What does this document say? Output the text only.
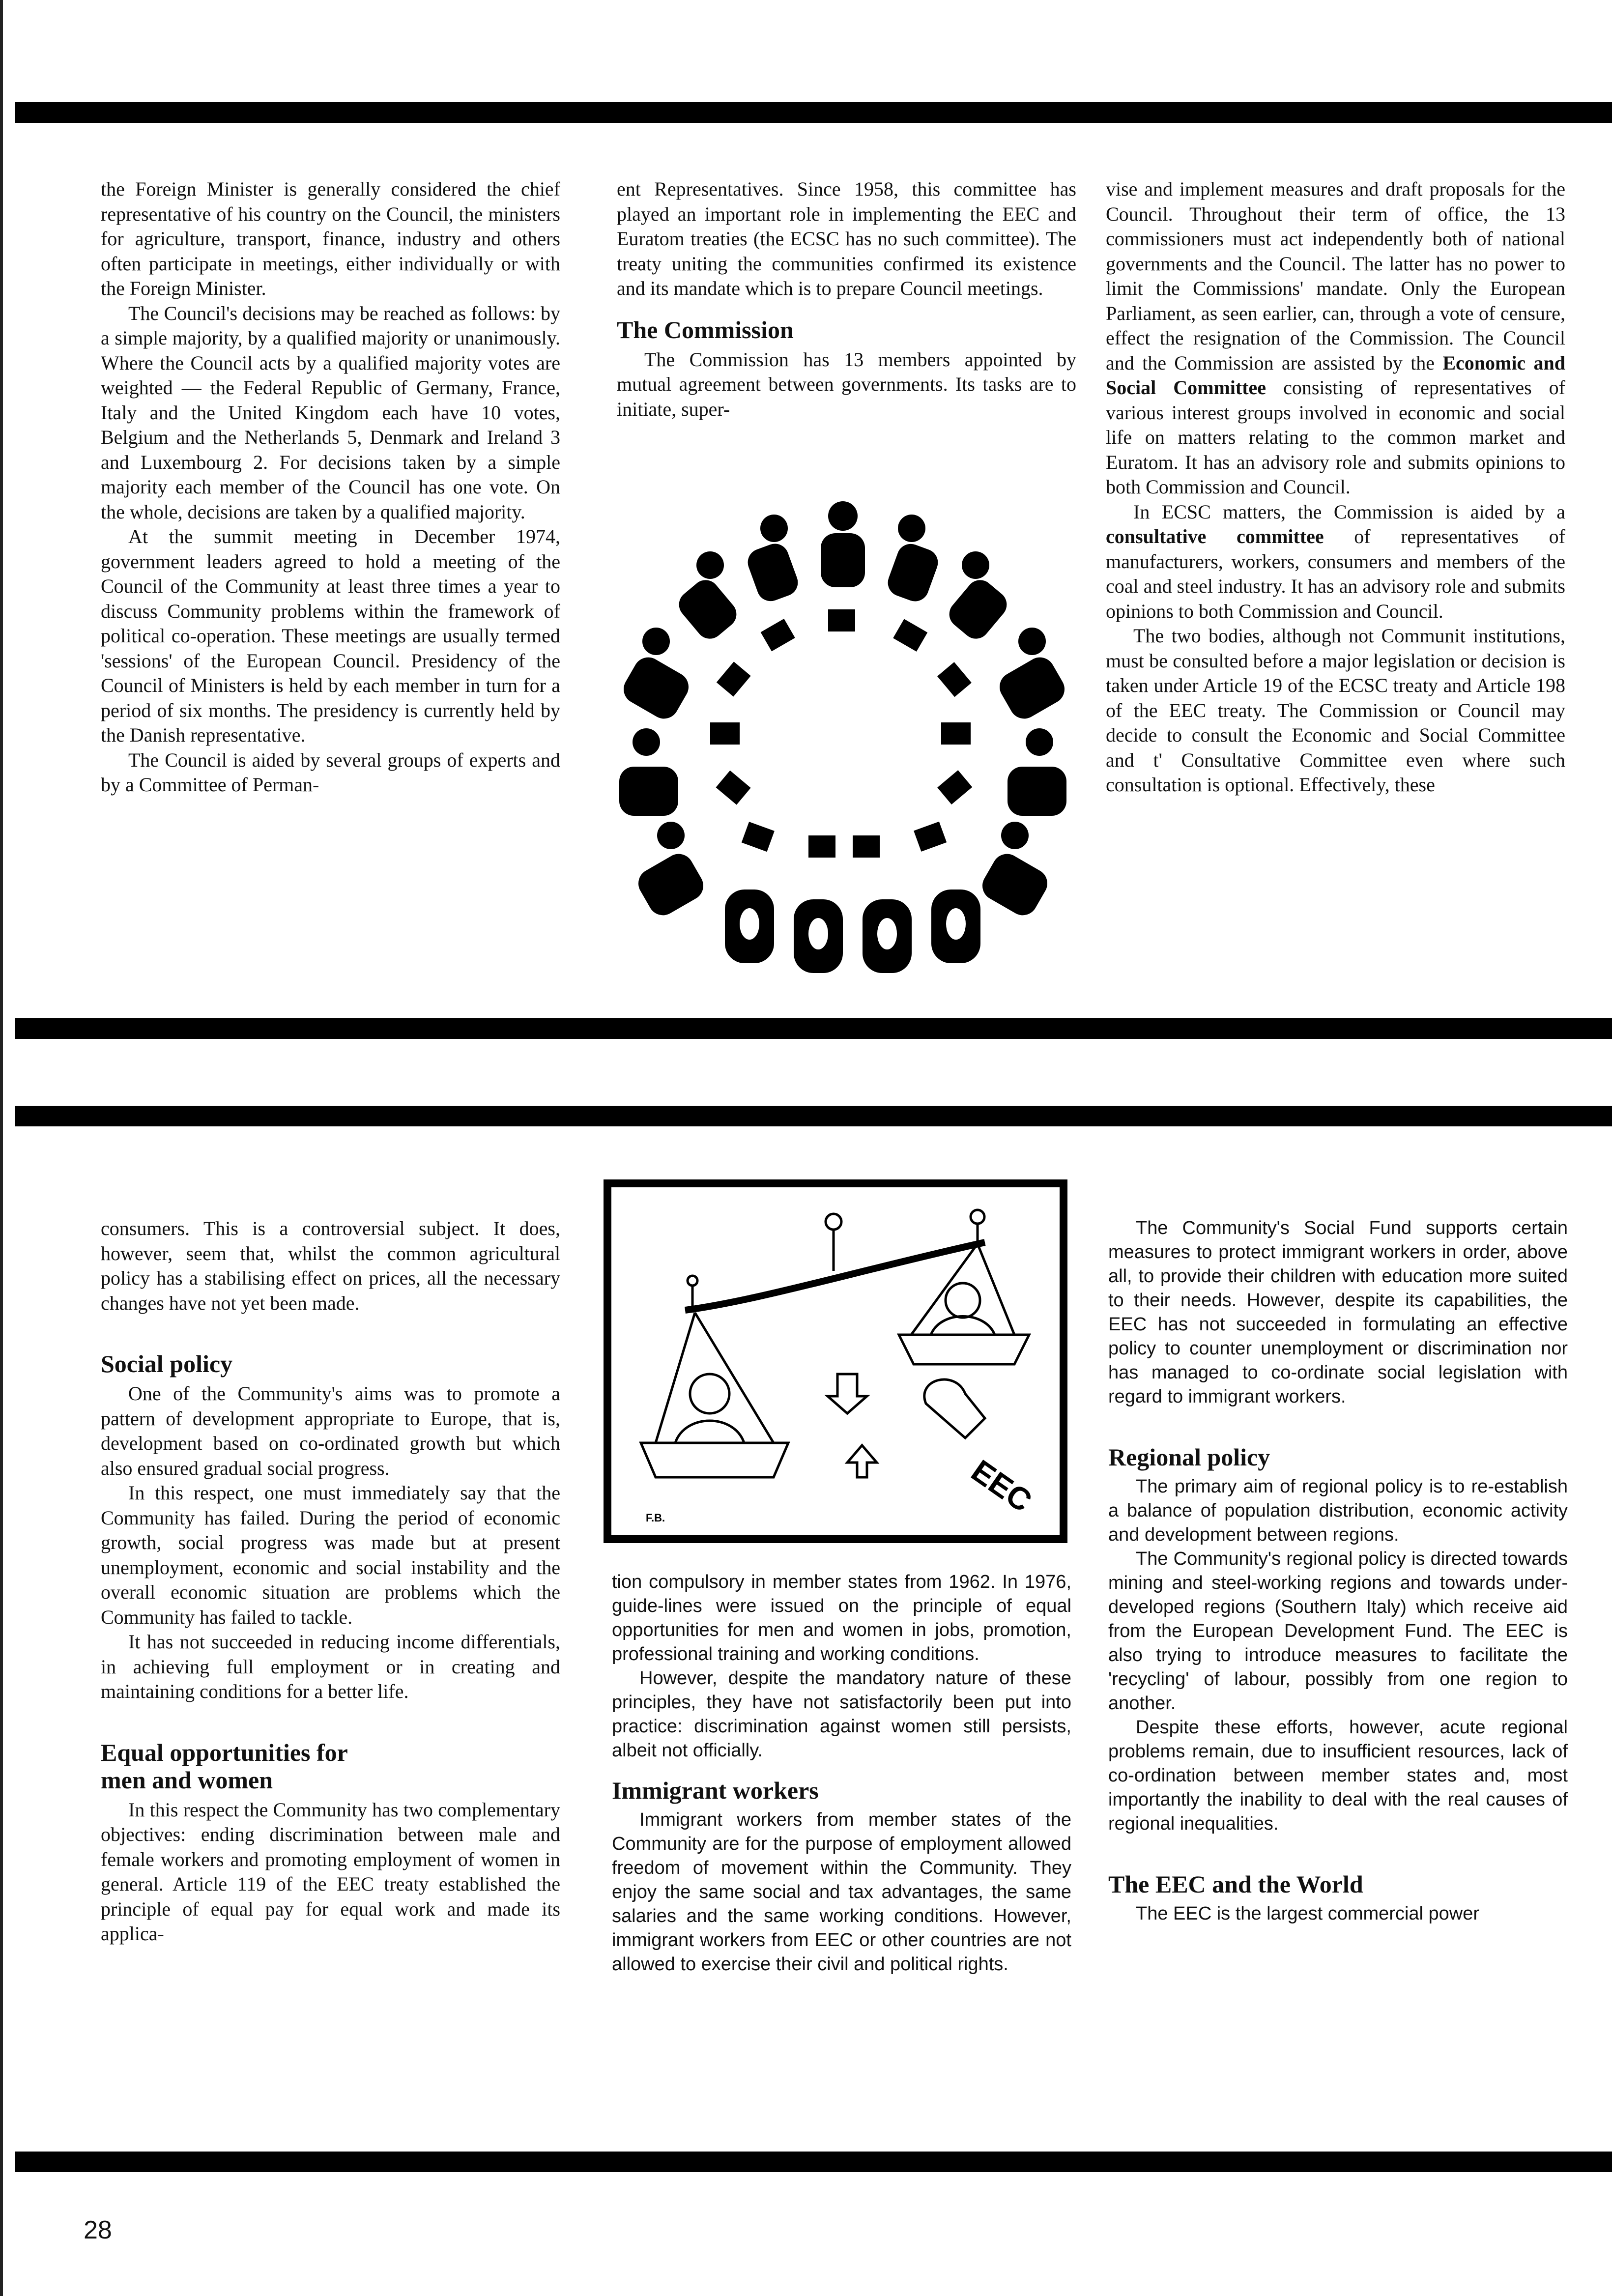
the Foreign Minister is generally considered the chief representative of his country on the Council, the ministers for agriculture, transport, finance, industry and others often participate in meetings, either individually or with the Foreign Minister.

The Council's decisions may be reached as follows: by a simple majority, by a qualified majority or unanimously. Where the Council acts by a qualified majority votes are weighted — the Federal Republic of Germany, France, Italy and the United Kingdom each have 10 votes, Belgium and the Netherlands 5, Denmark and Ireland 3 and Luxembourg 2. For decisions taken by a simple majority each member of the Council has one vote. On the whole, decisions are taken by a qualified majority.

At the summit meeting in December 1974, government leaders agreed to hold a meeting of the Council of the Community at least three times a year to discuss Community problems within the framework of political co-operation. These meetings are usually termed 'sessions' of the European Council. Presidency of the Council of Ministers is held by each member in turn for a period of six months. The presidency is currently held by the Danish representative.

The Council is aided by several groups of experts and by a Committee of Perman-

ent Representatives. Since 1958, this committee has played an important role in implementing the EEC and Euratom treaties (the ECSC has no such committee). The treaty uniting the communities confirmed its existence and its mandate which is to prepare Council meetings.

The Commission

The Commission has 13 members appointed by mutual agreement between governments. Its tasks are to initiate, super-

vise and implement measures and draft proposals for the Council. Throughout their term of office, the 13 commissioners must act independently both of national governments and the Council. The latter has no power to limit the Commissions' mandate. Only the European Parliament, as seen earlier, can, through a vote of censure, effect the resignation of the Commission. The Council and the Commission are assisted by the Economic and Social Committee consisting of representatives of various interest groups involved in economic and social life on matters relating to the common market and Euratom. It has an advisory role and submits opinions to both Commission and Council.

In ECSC matters, the Commission is aided by a consultative committee of representatives of manufacturers, workers, consumers and members of the coal and steel industry. It has an advisory role and submits opinions to both Commission and Council.

The two bodies, although not Communit institutions, must be consulted before a major legislation or decision is taken under Article 19 of the ECSC treaty and Article 198 of the EEC treaty. The Commission or Council may decide to consult the Economic and Social Committee and t' Consultative Committee even where such consultation is optional. Effectively, these

consumers. This is a controversial subject. It does, however, seem that, whilst the common agricultural policy has a stabilising effect on prices, all the necessary changes have not yet been made.

Social policy

One of the Community's aims was to promote a pattern of development appropriate to Europe, that is, development based on co-ordinated growth but which also ensured gradual social progress.

In this respect, one must immediately say that the Community has failed. During the period of economic growth, social progress was made but at present unemployment, economic and social instability and the overall economic situation are problems which the Community has failed to tackle.

It has not succeeded in reducing income differentials, in achieving full employment or in creating and maintaining conditions for a better life.

Equal opportunities for
men and women

In this respect the Community has two complementary objectives: ending discrimination between male and female workers and promoting employment of women in general. Article 119 of the EEC treaty established the principle of equal pay for equal work and made its applica-

EEC
F.B.

tion compulsory in member states from 1962. In 1976, guide-lines were issued on the principle of equal opportunities for men and women in jobs, promotion, professional training and working conditions.

However, despite the mandatory nature of these principles, they have not satisfactorily been put into practice: discrimination against women still persists, albeit not officially.

Immigrant workers

Immigrant workers from member states of the Community are for the purpose of employment allowed freedom of movement within the Community. They enjoy the same social and tax advantages, the same salaries and the same working conditions. However, immigrant workers from EEC or other countries are not allowed to exercise their civil and political rights.

The Community's Social Fund supports certain measures to protect immigrant workers in order, above all, to provide their children with education more suited to their needs. However, despite its capabilities, the EEC has not succeeded in formulating an effective policy to counter unemployment or discrimination nor has managed to co-ordinate social legislation with regard to immigrant workers.

Regional policy

The primary aim of regional policy is to re-establish a balance of population distribution, economic activity and development between regions.

The Community's regional policy is directed towards mining and steel-working regions and towards under-developed regions (Southern Italy) which receive aid from the European Development Fund. The EEC is also trying to introduce measures to facilitate the 'recycling' of labour, possibly from one region to another.

Despite these efforts, however, acute regional problems remain, due to insufficient resources, lack of co-ordination between member states and, most importantly the inability to deal with the real causes of regional inequalities.

The EEC and the World

The EEC is the largest commercial power

28
